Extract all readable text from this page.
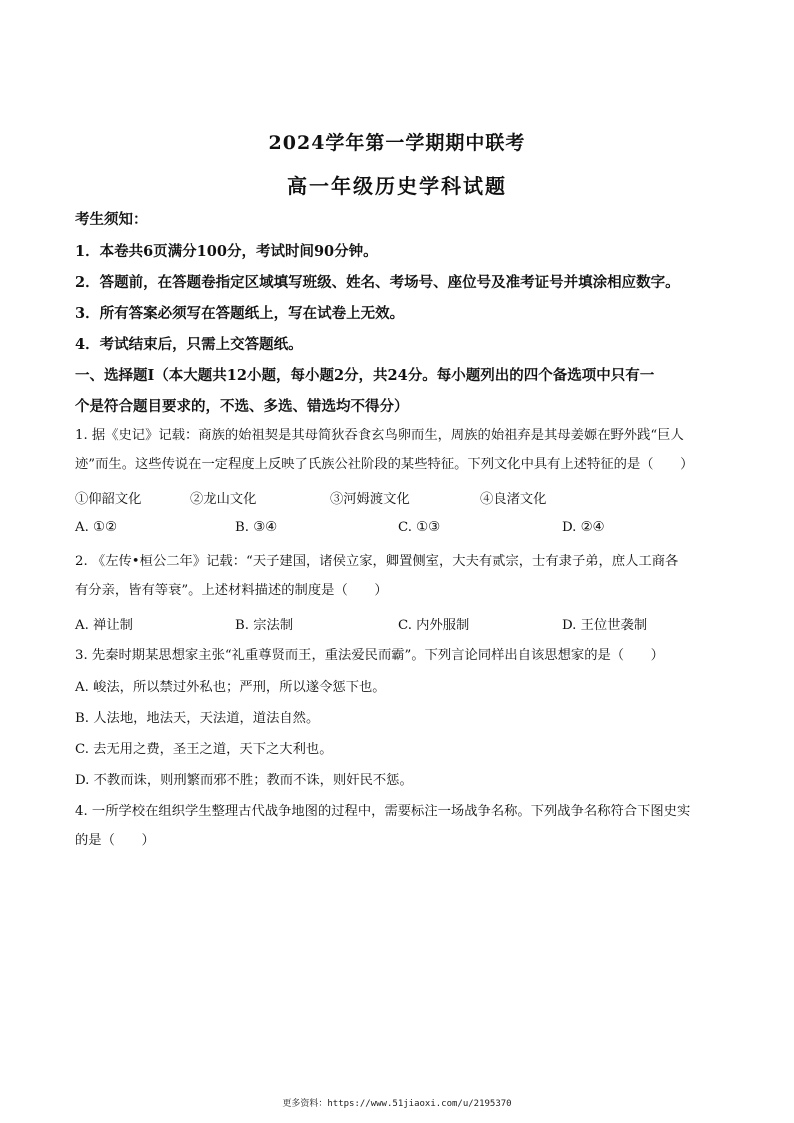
2024学年第一学期期中联考
高一年级历史学科试题
考生须知：
1．本卷共6页满分100分，考试时间90分钟。
2．答题前，在答题卷指定区域填写班级、姓名、考场号、座位号及准考证号并填涂相应数字。
3．所有答案必须写在答题纸上，写在试卷上无效。
4．考试结束后，只需上交答题纸。
一、选择题Ⅰ（本大题共12小题，每小题2分，共24分。每小题列出的四个备选项中只有一
个是符合题目要求的，不选、多选、错选均不得分）
1. 据《史记》记载：商族的始祖契是其母简狄吞食玄鸟卵而生，周族的始祖弃是其母姜嫄在野外践“巨人
迹”而生。这些传说在一定程度上反映了氏族公社阶段的某些特征。下列文化中具有上述特征的是（　　）
①仰韶文化	②龙山文化	③河姆渡文化	④良渚文化
A. ①②	B. ③④	C. ①③	D. ②④
2. 《左传•桓公二年》记载：“天子建国，诸侯立家，卿置侧室，大夫有贰宗，士有隶子弟，庶人工商各
有分亲，皆有等衰”。上述材料描述的制度是（　　）
A. 禅让制	B. 宗法制	C. 内外服制	D. 王位世袭制
3. 先秦时期某思想家主张“礼重尊贤而王，重法爱民而霸”。下列言论同样出自该思想家的是（　　）
A. 峻法，所以禁过外私也；严刑，所以遂令惩下也。
B. 人法地，地法天，天法道，道法自然。
C. 去无用之费，圣王之道，天下之大利也。
D. 不教而诛，则刑繁而邪不胜；教而不诛，则奸民不惩。
4. 一所学校在组织学生整理古代战争地图的过程中，需要标注一场战争名称。下列战争名称符合下图史实
的是（　　）
更多资料：https://www.51jiaoxi.com/u/2195370
